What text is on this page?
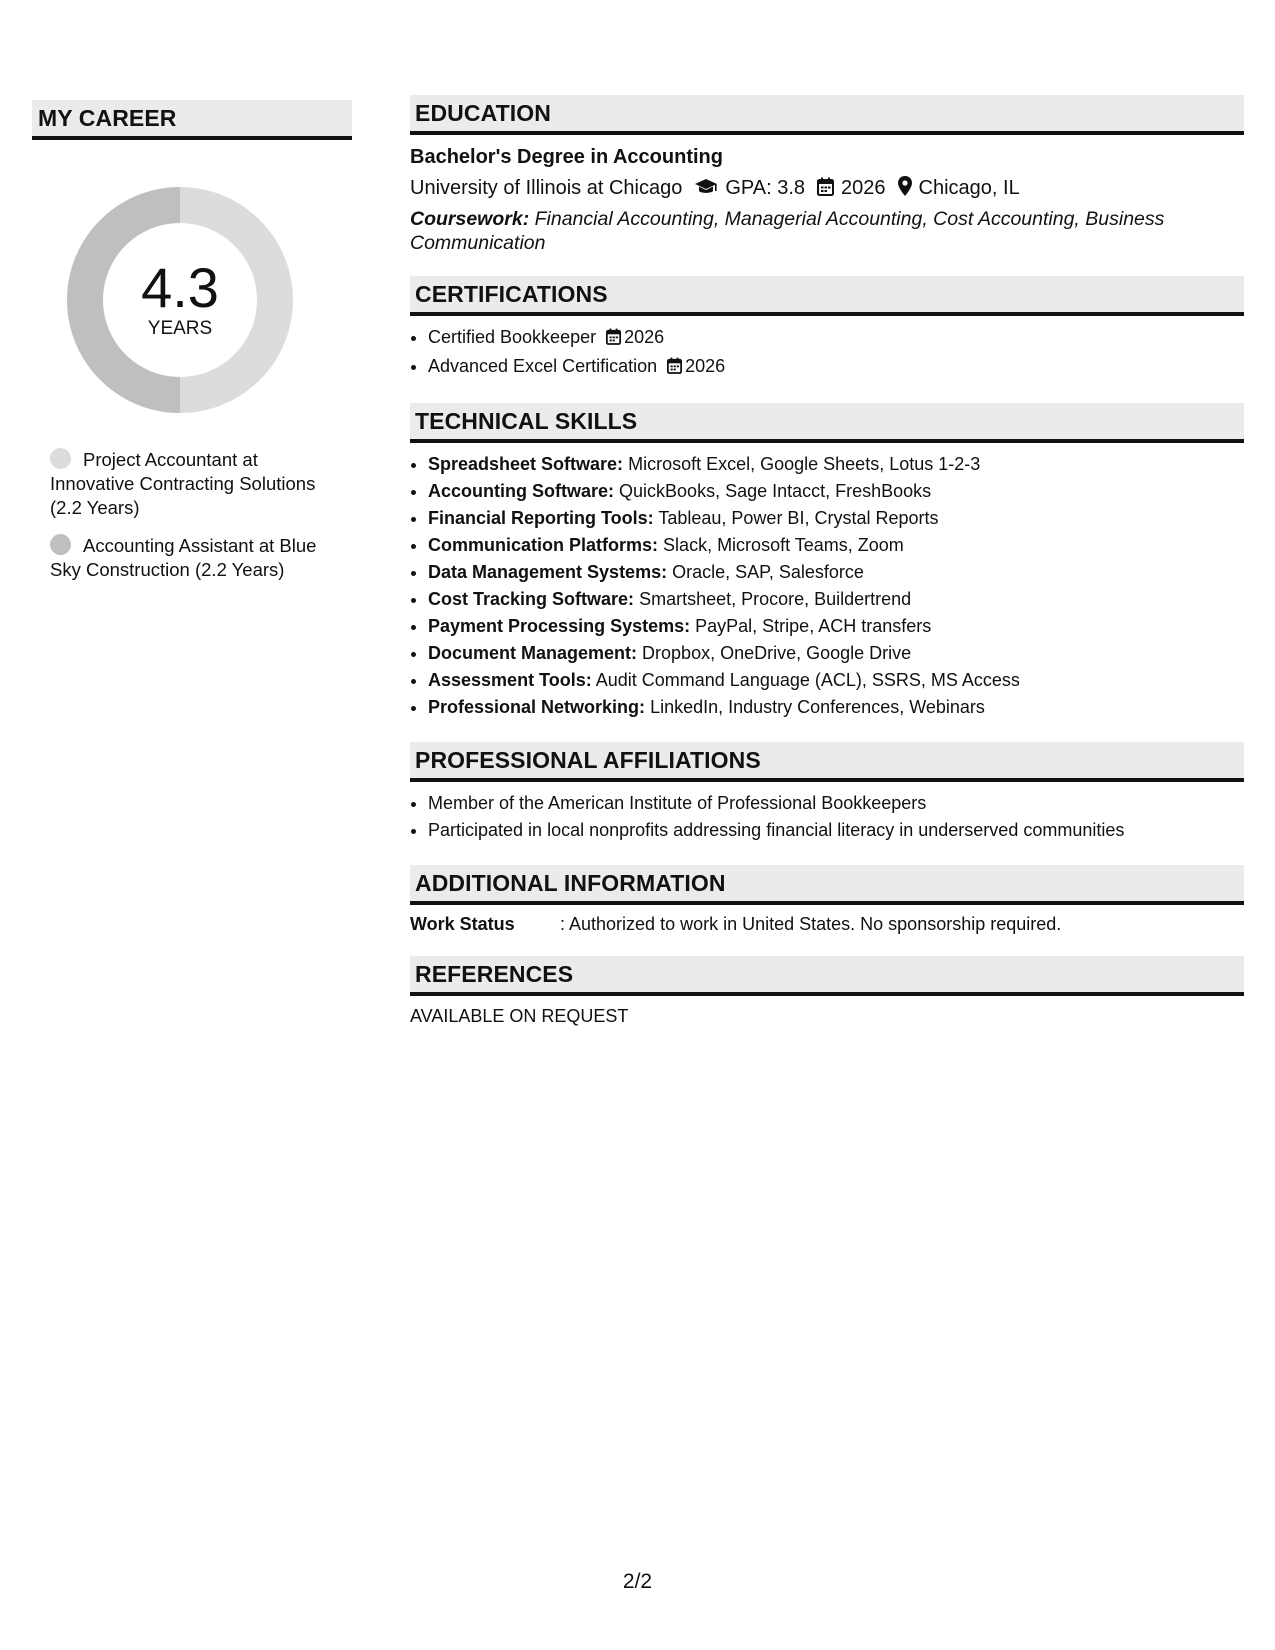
MY CAREER
4.3
YEARS
Project Accountant at Innovative Contracting Solutions (2.2 Years)
Accounting Assistant at Blue Sky Construction (2.2 Years)
EDUCATION
Bachelor's Degree in Accounting
University of Illinois at Chicago GPA: 3.8 2026 Chicago, IL
Coursework: Financial Accounting, Managerial Accounting, Cost Accounting, Business Communication
CERTIFICATIONS
• Certified Bookkeeper 2026
• Advanced Excel Certification 2026
TECHNICAL SKILLS
• Spreadsheet Software: Microsoft Excel, Google Sheets, Lotus 1-2-3
• Accounting Software: QuickBooks, Sage Intacct, FreshBooks
• Financial Reporting Tools: Tableau, Power BI, Crystal Reports
• Communication Platforms: Slack, Microsoft Teams, Zoom
• Data Management Systems: Oracle, SAP, Salesforce
• Cost Tracking Software: Smartsheet, Procore, Buildertrend
• Payment Processing Systems: PayPal, Stripe, ACH transfers
• Document Management: Dropbox, OneDrive, Google Drive
• Assessment Tools: Audit Command Language (ACL), SSRS, MS Access
• Professional Networking: LinkedIn, Industry Conferences, Webinars
PROFESSIONAL AFFILIATIONS
• Member of the American Institute of Professional Bookkeepers
• Participated in local nonprofits addressing financial literacy in underserved communities
ADDITIONAL INFORMATION
Work Status	: Authorized to work in United States. No sponsorship required.
REFERENCES
AVAILABLE ON REQUEST
2/2
